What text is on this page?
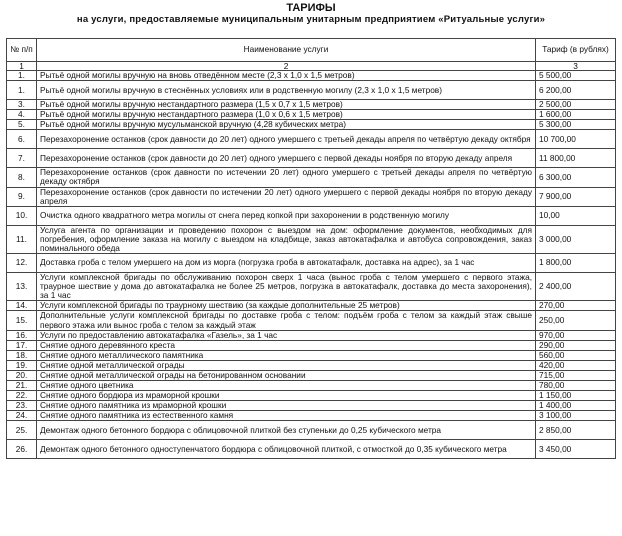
ТАРИФЫ
на услуги, предоставляемые муниципальным унитарным предприятием «Ритуальные услуги»
№ п/п	Наименование услуги	Тариф (в рублях)
1	2	3
1.	Рытьё одной могилы вручную на вновь отведённом месте (2,3 х 1,0 х 1,5 метров)	5 500,00
1.	Рытьё одной могилы вручную в стеснённых условиях или в родственную могилу (2,3 х 1,0 х 1,5 метров)	6 200,00
3.	Рытьё одной могилы вручную нестандартного размера (1,5 х 0,7 х 1,5 метров)	2 500,00
4.	Рытьё одной могилы вручную нестандартного размера (1,0 х 0,6 х 1,5 метров)	1 600,00
5.	Рытьё одной могилы вручную мусульманской вручную (4,28 кубических метра)	5 300,00
6.	Перезахоронение останков (срок давности до 20 лет) одного умершего с третьей декады апреля по четвёртую декаду октября	10 700,00
7.	Перезахоронение останков (срок давности до 20 лет) одного умершего с первой декады ноября по вторую декаду апреля	11 800,00
8.	Перезахоронение останков (срок давности по истечении 20 лет) одного умершего с третьей декады апреля по четвёртую декаду октября	6 300,00
9.	Перезахоронение останков (срок давности по истечении 20 лет) одного умершего с первой декады ноября по вторую декаду апреля	7 900,00
10.	Очистка одного квадратного метра могилы от снега перед копкой при захоронении в родственную могилу	10,00
11.	Услуга агента по организации и проведению похорон с выездом на дом: оформление документов, необходимых для погребения, оформление заказа на могилу с выездом на кладбище, заказ автокатафалка и автобуса сопровождения, заказ поминального обеда	3 000,00
12.	Доставка гроба с телом умершего на дом из морга (погрузка гроба в автокатафалк, доставка на адрес), за 1 час	1 800,00
13.	Услуги комплексной бригады по обслуживанию похорон сверх 1 часа (вынос гроба с телом умершего с первого этажа, траурное шествие у дома до автокатафалка не более 25 метров, погрузка в автокатафалк, доставка до места захоронения), за 1 час	2 400,00
14.	Услуги комплексной бригады по траурному шествию (за каждые дополнительные 25 метров)	270,00
15.	Дополнительные услуги комплексной бригады по доставке гроба с телом: подъём гроба с телом за каждый этаж свыше первого этажа или вынос гроба с телом за каждый этаж	250,00
16.	Услуги по предоставлению автокатафалка «Газель», за 1 час	970,00
17.	Снятие одного деревянного креста	290,00
18.	Снятие одного металлического памятника	560,00
19.	Снятие одной металлической ограды	420,00
20.	Снятие одной металлической ограды на бетонированном основании	715,00
21.	Снятие одного цветника	780,00
22.	Снятие одного бордюра из мраморной крошки	1 150,00
23.	Снятие одного памятника из мраморной крошки	1 400,00
24.	Снятие одного памятника из естественного камня	3 100,00
25.	Демонтаж одного бетонного бордюра с облицовочной плиткой без ступеньки до 0,25 кубического метра	2 850,00
26.	Демонтаж одного бетонного одноступенчатого бордюра с облицовочной плиткой, с отмосткой до 0,35 кубического метра	3 450,00
